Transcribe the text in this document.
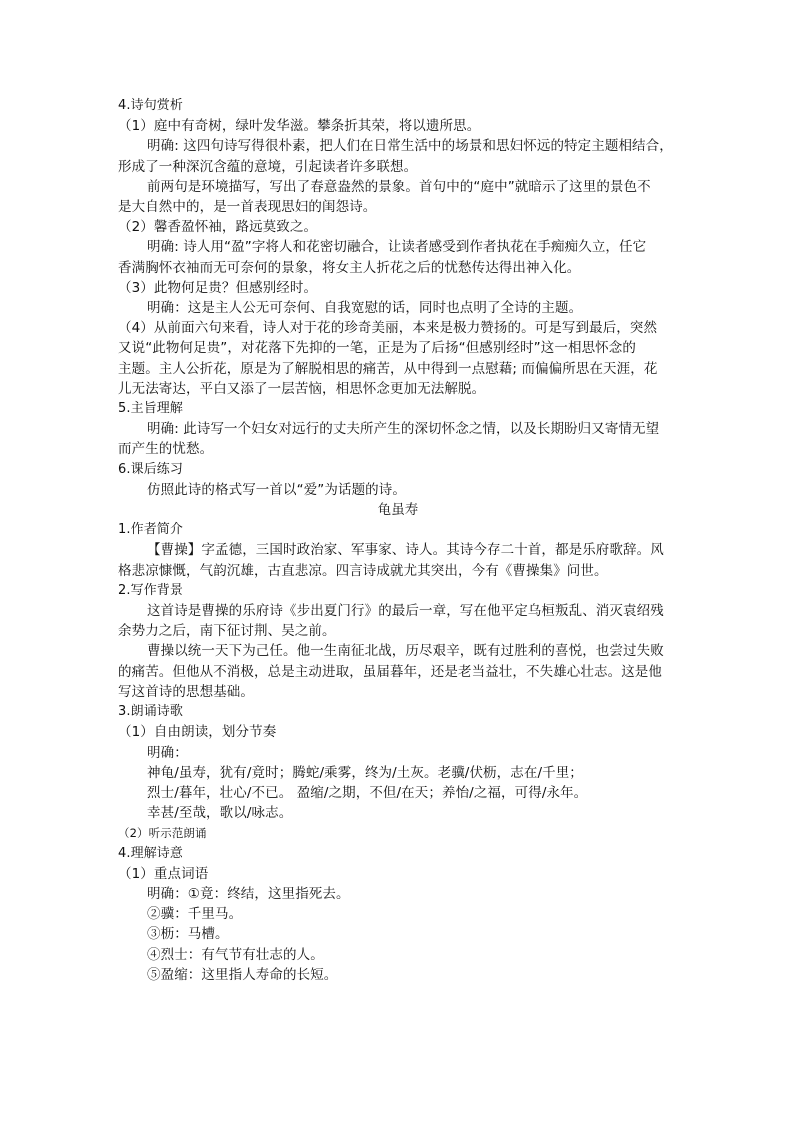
4.诗句赏析
（1）庭中有奇树，绿叶发华滋。攀条折其荣，将以遗所思。
明确: 这四句诗写得很朴素，把人们在日常生活中的场景和思妇怀远的特定主题相结合，
形成了一种深沉含蕴的意境，引起读者许多联想。
前两句是环境描写，写出了春意盎然的景象。首句中的“庭中”就暗示了这里的景色不
是大自然中的，是一首表现思妇的闺怨诗。
（2）馨香盈怀袖，路远莫致之。
明确: 诗人用“盈”字将人和花密切融合，让读者感受到作者执花在手痴痴久立，任它
香满胸怀衣袖而无可奈何的景象，将女主人折花之后的忧愁传达得出神入化。
（3）此物何足贵？但感别经时。
明确：这是主人公无可奈何、自我宽慰的话，同时也点明了全诗的主题。
（4）从前面六句来看，诗人对于花的珍奇美丽，本来是极力赞扬的。可是写到最后，突然
又说“此物何足贵”，对花落下先抑的一笔，正是为了后扬“但感别经时”这一相思怀念的
主题。主人公折花，原是为了解脱相思的痛苦，从中得到一点慰藉; 而偏偏所思在天涯，花
儿无法寄达，平白又添了一层苦恼，相思怀念更加无法解脱。
5.主旨理解
明确: 此诗写一个妇女对远行的丈夫所产生的深切怀念之情，以及长期盼归又寄情无望
而产生的忧愁。
6.课后练习
仿照此诗的格式写一首以“爱”为话题的诗。
龟虽寿
1.作者简介
【曹操】字孟德，三国时政治家、军事家、诗人。其诗今存二十首，都是乐府歌辞。风
格悲凉慷慨，气韵沉雄，古直悲凉。四言诗成就尤其突出，今有《曹操集》问世。
2.写作背景
这首诗是曹操的乐府诗《步出夏门行》的最后一章，写在他平定乌桓叛乱、消灭袁绍残
余势力之后，南下征讨荆、吴之前。
曹操以统一天下为己任。他一生南征北战，历尽艰辛，既有过胜利的喜悦，也尝过失败
的痛苦。但他从不消极，总是主动进取，虽届暮年，还是老当益壮，不失雄心壮志。这是他
写这首诗的思想基础。
3.朗诵诗歌
（1）自由朗读，划分节奏
明确：
神龟/虽寿，犹有/竟时；腾蛇/乘雾，终为/土灰。老骥/伏枥，志在/千里；
烈士/暮年，壮心/不已。 盈缩/之期，不但/在天；养怡/之福，可得/永年。
幸甚/至哉，歌以/咏志。
（2）听示范朗诵
4.理解诗意
（1）重点词语
明确：①竟：终结，这里指死去。
②骥：千里马。
③枥：马槽。
④烈士：有气节有壮志的人。
⑤盈缩：这里指人寿命的长短。
